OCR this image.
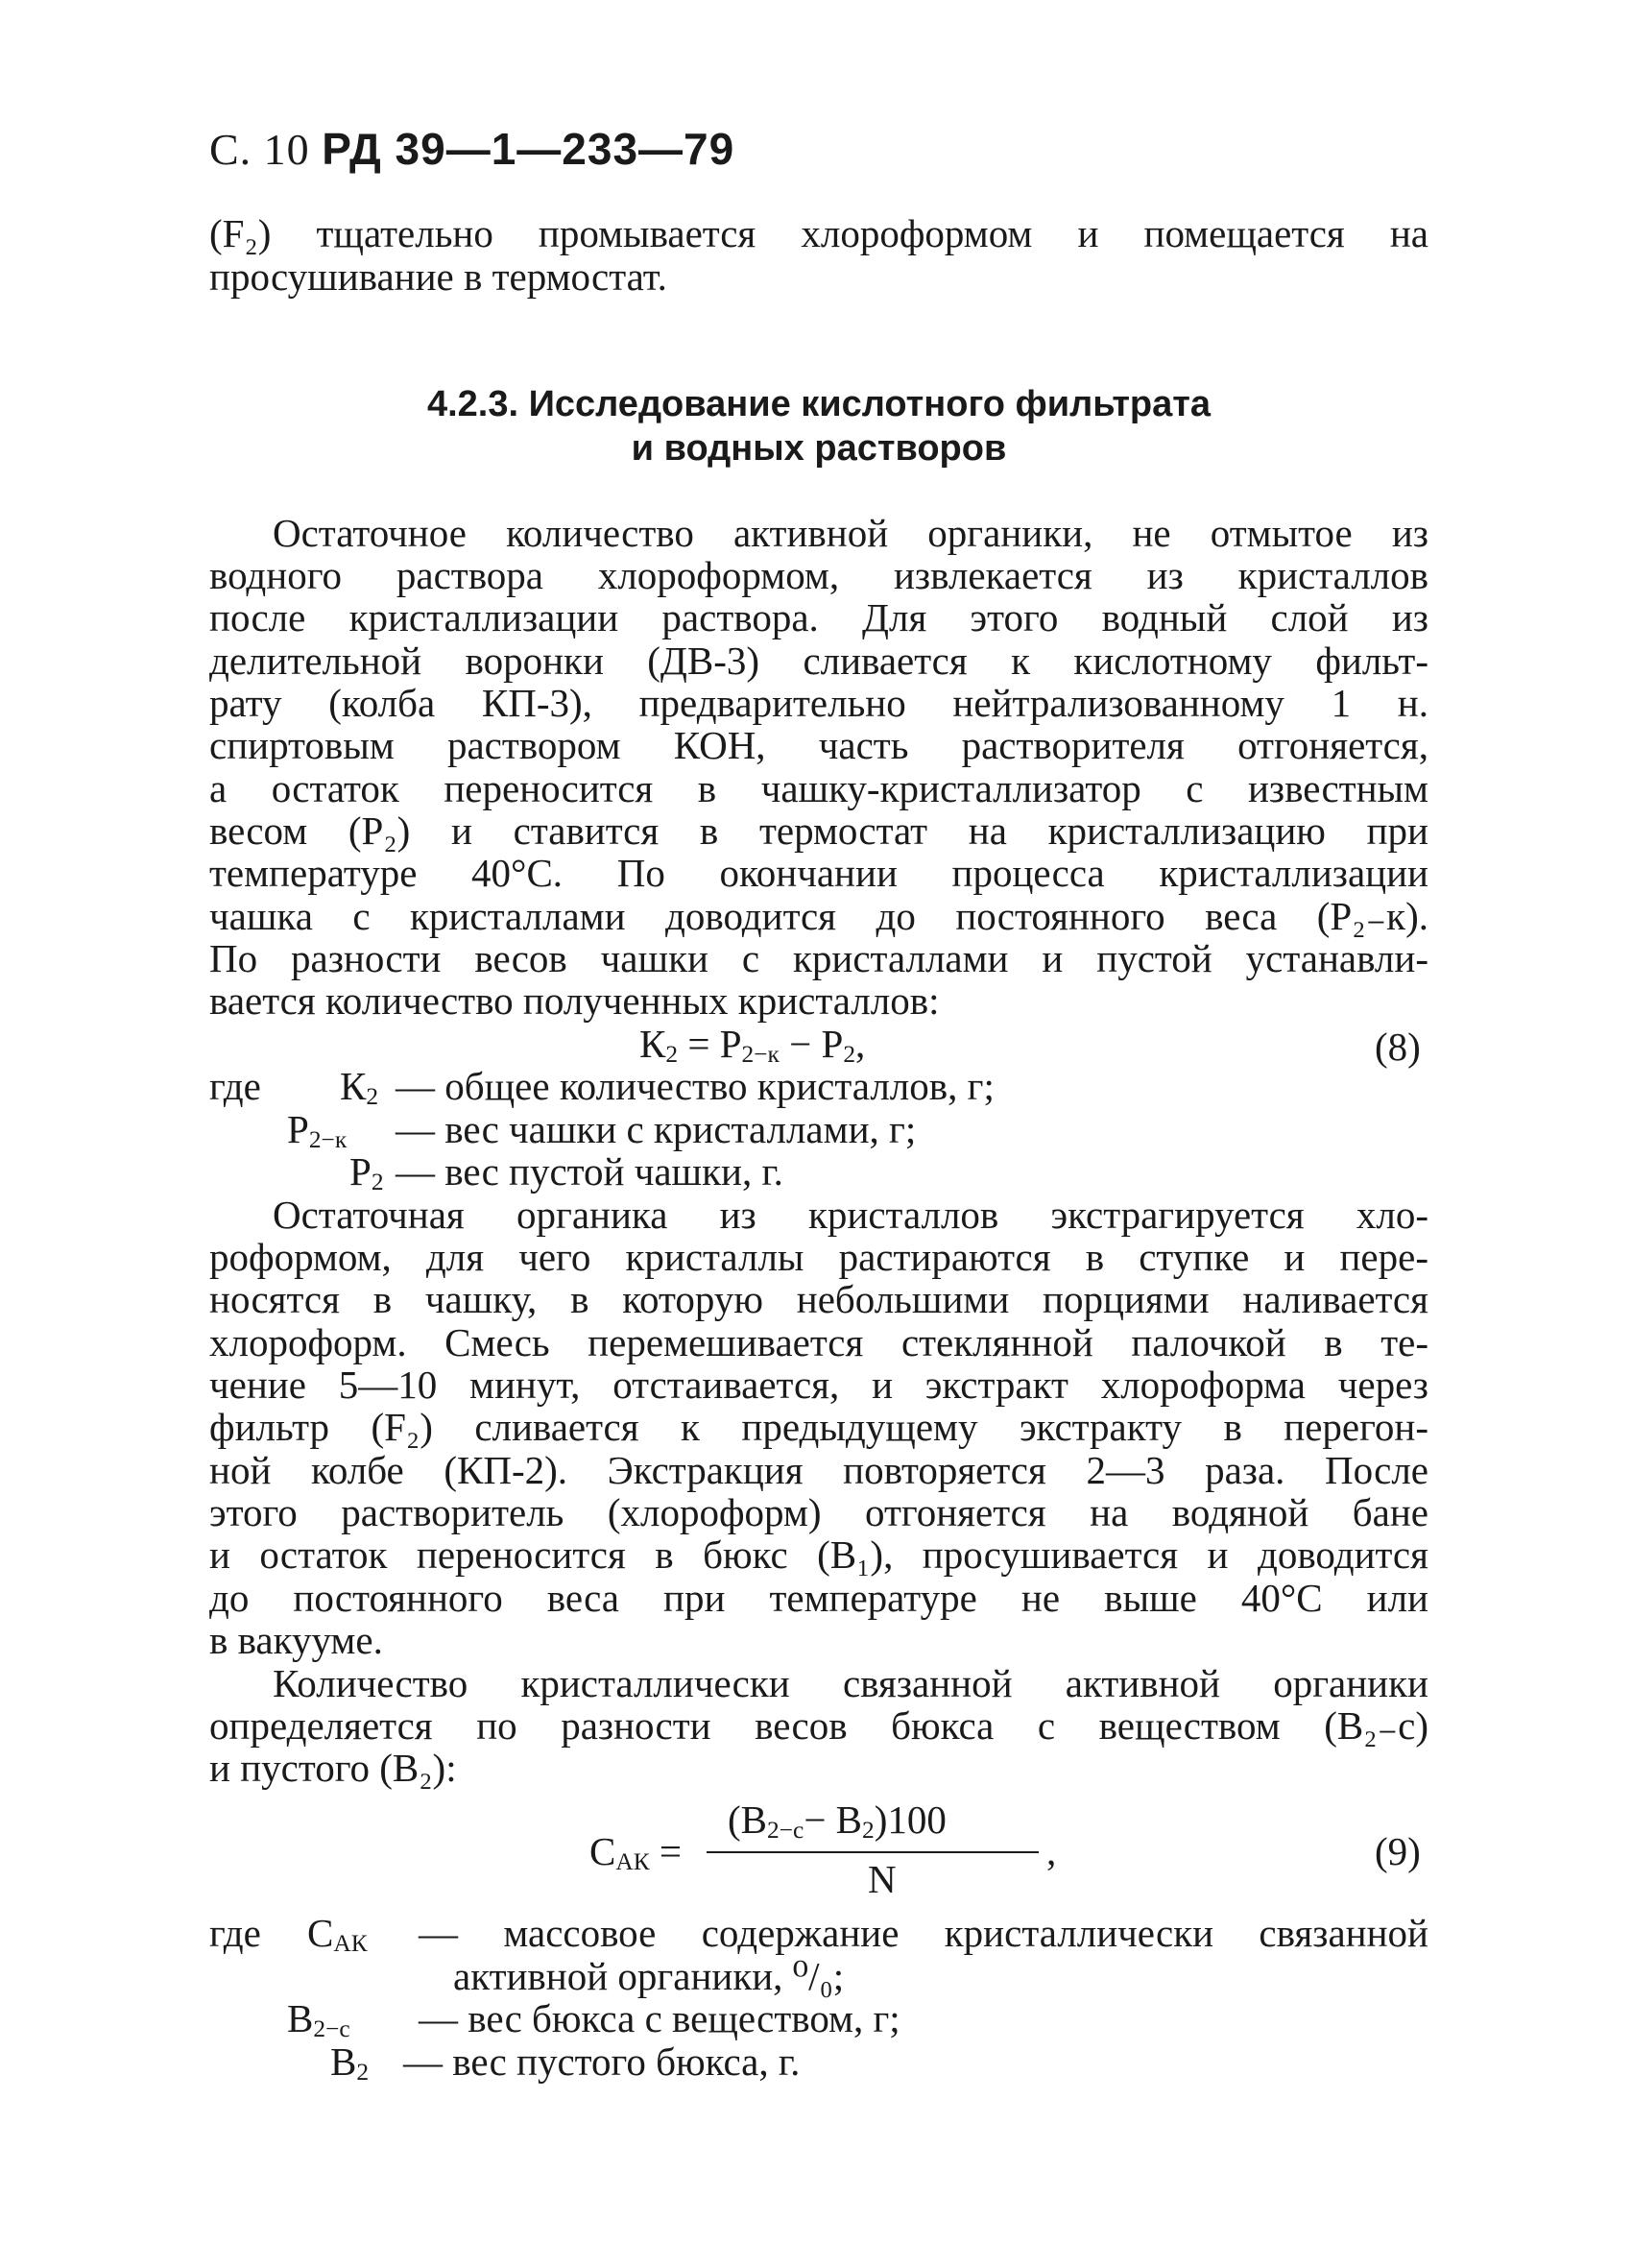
С. 10 РД 39—1—233—79
(F₂) тщательно промывается хлороформом и помещается на
просушивание в термостат.
4.2.3. Исследование кислотного фильтрата
и водных растворов
Остаточное количество активной органики, не отмытое из
водного раствора хлороформом, извлекается из кристаллов
после кристаллизации раствора. Для этого водный слой из
делительной воронки (ДВ-3) сливается к кислотному фильт-
рату (колба КП-3), предварительно нейтрализованному 1 н.
спиртовым раствором КОН, часть растворителя отгоняется,
а остаток переносится в чашку-кристаллизатор с известным
весом (Р₂) и ставится в термостат на кристаллизацию при
температуре 40°С. По окончании процесса кристаллизации
чашка с кристаллами доводится до постоянного веса (Р₂₋к).
По разности весов чашки с кристаллами и пустой устанавли-
вается количество полученных кристаллов:
$К_2 = Р_{2-к} - Р_2$,	(8)
где $К_2$ — общее количество кристаллов, г;
$Р_{2-к}$ — вес чашки с кристаллами, г;
$Р_2$ — вес пустой чашки, г.
Остаточная органика из кристаллов экстрагируется хло-
роформом, для чего кристаллы растираются в ступке и пере-
носятся в чашку, в которую небольшими порциями наливается
хлороформ. Смесь перемешивается стеклянной палочкой в те-
чение 5—10 минут, отстаивается, и экстракт хлороформа через
фильтр (F₂) сливается к предыдущему экстракту в перегон-
ной колбе (КП-2). Экстракция повторяется 2—3 раза. После
этого растворитель (хлороформ) отгоняется на водяной бане
и остаток переносится в бюкс (B₁), просушивается и доводится
до постоянного веса при температуре не выше 40°С или
в вакууме.
Количество кристаллически связанной активной органики
определяется по разности весов бюкса с веществом (B₂₋с)
и пустого (B₂):
$С_{АК}$ =
$(B_{2-с}- B_2)100$
N
,	(9)
где $С_{АК}$ — массовое содержание кристаллически связанной
активной органики, ⁰/₀;
$B_{2-с}$ — вес бюкса с веществом, г;
$B_2$ — вес пустого бюкса, г.
